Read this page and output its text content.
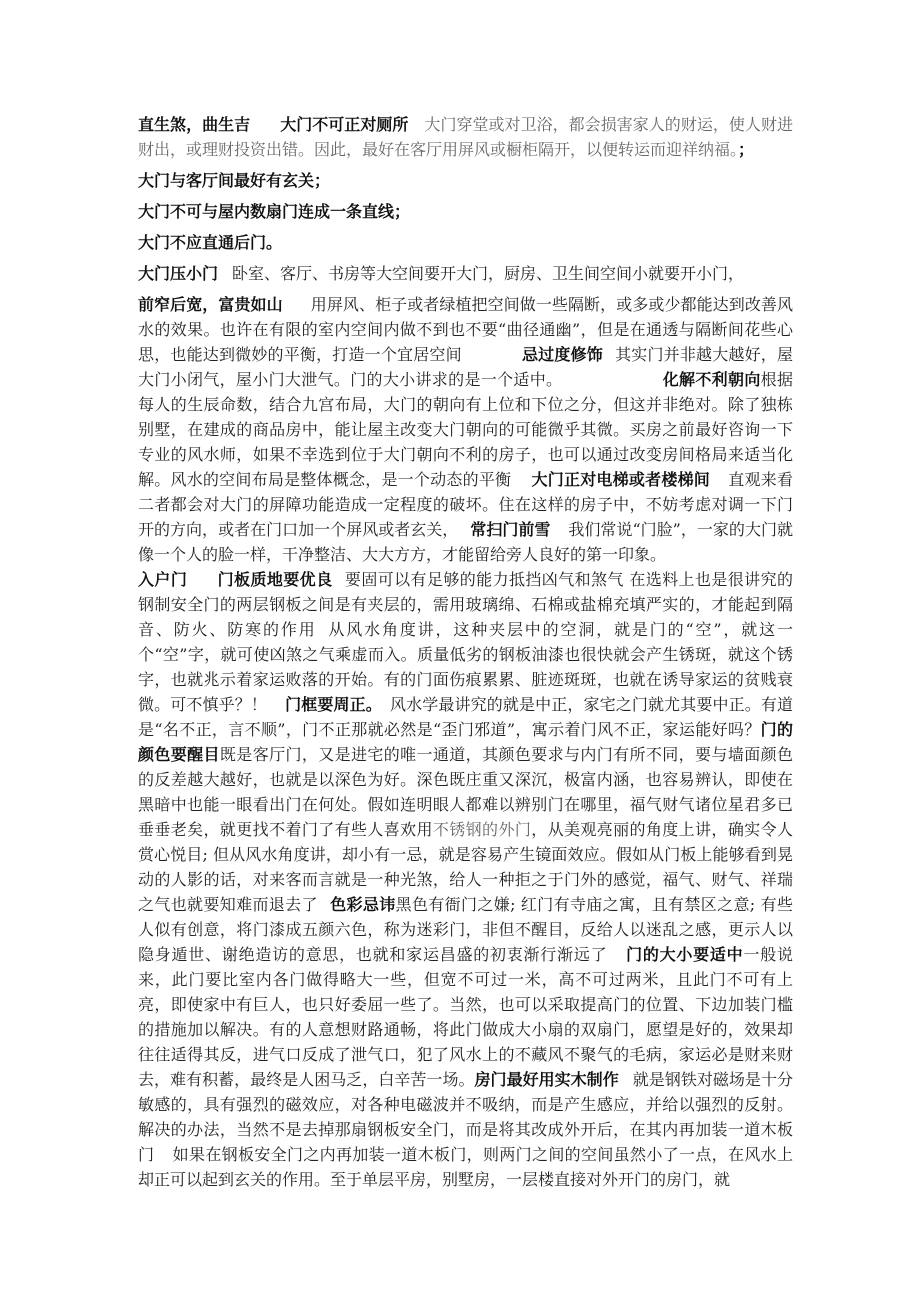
直生煞，曲生吉 大门不可正对厕所 大门穿堂或对卫浴，都会损害家人的财运，使人财进财出，或理财投资出错。因此，最好在客厅用屏风或橱柜隔开，以便转运而迎祥纳福。；

大门与客厅间最好有玄关；

大门不可与屋内数扇门连成一条直线；

大门不应直通后门。

大门压小门 卧室、客厅、书房等大空间要开大门，厨房、卫生间空间小就要开小门，

前窄后宽，富贵如山 用屏风、柜子或者绿植把空间做一些隔断，或多或少都能达到改善风水的效果。也许在有限的室内空间内做不到也不要“曲径通幽”，但是在通透与隔断间花些心思，也能达到微妙的平衡，打造一个宜居空间	忌过度修饰 其实门并非越大越好，屋大门小闭气，屋小门大泄气。门的大小讲求的是一个适中。	化解不利朝向根据每人的生辰命数，结合九宫布局，大门的朝向有上位和下位之分，但这并非绝对。除了独栋别墅，在建成的商品房中，能让屋主改变大门朝向的可能微乎其微。买房之前最好咨询一下专业的风水师，如果不幸选到位于大门朝向不利的房子，也可以通过改变房间格局来适当化解。风水的空间布局是整体概念，是一个动态的平衡 大门正对电梯或者楼梯间 直观来看二者都会对大门的屏障功能造成一定程度的破坏。住在这样的房子中，不妨考虑对调一下门开的方向，或者在门口加一个屏风或者玄关， 常扫门前雪 我们常说“门脸”，一家的大门就像一个人的脸一样，干净整洁、大大方方，才能留给旁人良好的第一印象。

入户门 门板质地要优良 要固可以有足够的能力抵挡凶气和煞气 在选料上也是很讲究的钢制安全门的两层钢板之间是有夹层的，需用玻璃绵、石棉或盐棉充填严实的，才能起到隔音、防火、防寒的作用 从风水角度讲，这种夹层中的空洞，就是门的“空”，就这一个“空”字，就可使凶煞之气乘虚而入。质量低劣的钢板油漆也很快就会产生锈斑，就这个锈字，也就兆示着家运败落的开始。有的门面伤痕累累、脏迹斑斑，也就在诱导家运的贫贱衰微。可不慎乎？！ 门框要周正。 风水学最讲究的就是中正，家宅之门就尤其要中正。有道是“名不正，言不顺”，门不正那就必然是“歪门邪道”，寓示着门风不正，家运能好吗？门的颜色要醒目既是客厅门，又是进宅的唯一通道，其颜色要求与内门有所不同，要与墙面颜色的反差越大越好，也就是以深色为好。深色既庄重又深沉，极富内涵，也容易辨认，即使在黑暗中也能一眼看出门在何处。假如连明眼人都难以辨别门在哪里，福气财气诸位星君多已垂垂老矣，就更找不着门了有些人喜欢用不锈钢的外门，从美观亮丽的角度上讲，确实令人赏心悦目; 但从风水角度讲，却小有一忌，就是容易产生镜面效应。假如从门板上能够看到晃动的人影的话，对来客而言就是一种光煞，给人一种拒之于门外的感觉，福气、财气、祥瑞之气也就要知难而退去了 色彩忌讳黑色有衙门之嫌; 红门有寺庙之寓，且有禁区之意; 有些人似有创意，将门漆成五颜六色，称为迷彩门，非但不醒目，反给人以迷乱之感，更示人以隐身遁世、谢绝造访的意思，也就和家运昌盛的初衷渐行渐远了 门的大小要适中一般说来，此门要比室内各门做得略大一些，但宽不可过一米，高不可过两米，且此门不可有上亮，即使家中有巨人，也只好委屈一些了。当然，也可以采取提高门的位置、下边加装门槛的措施加以解决。有的人意想财路通畅，将此门做成大小扇的双扇门，愿望是好的，效果却往往适得其反，进气口反成了泄气口，犯了风水上的不藏风不聚气的毛病，家运必是财来财去，难有积蓄，最终是人困马乏，白辛苦一场。房门最好用实木制作 就是钢铁对磁场是十分敏感的，具有强烈的磁效应，对各种电磁波并不吸纳，而是产生感应，并给以强烈的反射。解决的办法，当然不是去掉那扇钢板安全门，而是将其改成外开后，在其内再加装一道木板门 如果在钢板安全门之内再加装一道木板门，则两门之间的空间虽然小了一点，在风水上却正可以起到玄关的作用。至于单层平房，别墅房，一层楼直接对外开门的房门，就
